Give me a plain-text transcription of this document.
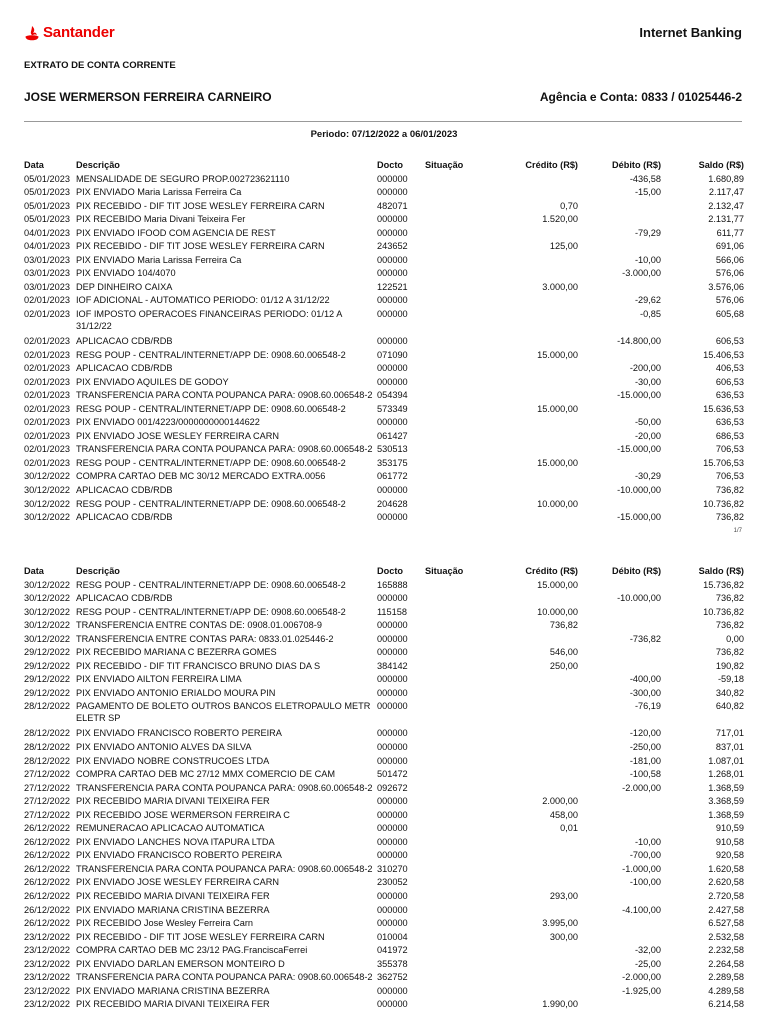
Santander	Internet Banking
EXTRATO DE CONTA CORRENTE
JOSE WERMERSON FERREIRA CARNEIRO	Agência e Conta: 0833 / 01025446-2
Periodo: 07/12/2022 a 06/01/2023
Data	Descrição	Docto	Situação	Crédito (R$)	Débito (R$)	Saldo (R$)
05/01/2023	MENSALIDADE DE SEGURO PROP.002723621110	000000			-436,58	1.680,89
05/01/2023	PIX ENVIADO Maria Larissa Ferreira Ca	000000			-15,00	2.117,47
05/01/2023	PIX RECEBIDO - DIF TIT JOSE WESLEY FERREIRA CARN	482071		0,70		2.132,47
05/01/2023	PIX RECEBIDO Maria Divani Teixeira Fer	000000		1.520,00		2.131,77
04/01/2023	PIX ENVIADO IFOOD COM AGENCIA DE REST	000000			-79,29	611,77
04/01/2023	PIX RECEBIDO - DIF TIT JOSE WESLEY FERREIRA CARN	243652		125,00		691,06
03/01/2023	PIX ENVIADO Maria Larissa Ferreira Ca	000000			-10,00	566,06
03/01/2023	PIX ENVIADO 104/4070	000000			-3.000,00	576,06
03/01/2023	DEP DINHEIRO CAIXA	122521		3.000,00		3.576,06
02/01/2023	IOF ADICIONAL - AUTOMATICO PERIODO: 01/12 A 31/12/22	000000			-29,62	576,06
02/01/2023	IOF IMPOSTO OPERACOES FINANCEIRAS PERIODO: 01/12 A 31/12/22	000000			-0,85	605,68
02/01/2023	APLICACAO CDB/RDB	000000			-14.800,00	606,53
02/01/2023	RESG POUP - CENTRAL/INTERNET/APP DE: 0908.60.006548-2	071090		15.000,00		15.406,53
02/01/2023	APLICACAO CDB/RDB	000000			-200,00	406,53
02/01/2023	PIX ENVIADO AQUILES DE GODOY	000000			-30,00	606,53
02/01/2023	TRANSFERENCIA PARA CONTA POUPANCA PARA: 0908.60.006548-2	054394			-15.000,00	636,53
02/01/2023	RESG POUP - CENTRAL/INTERNET/APP DE: 0908.60.006548-2	573349		15.000,00		15.636,53
02/01/2023	PIX ENVIADO 001/4223/0000000000144622	000000			-50,00	636,53
02/01/2023	PIX ENVIADO JOSE WESLEY FERREIRA CARN	061427			-20,00	686,53
02/01/2023	TRANSFERENCIA PARA CONTA POUPANCA PARA: 0908.60.006548-2	530513			-15.000,00	706,53
02/01/2023	RESG POUP - CENTRAL/INTERNET/APP DE: 0908.60.006548-2	353175		15.000,00		15.706,53
30/12/2022	COMPRA CARTAO DEB MC 30/12 MERCADO EXTRA.0056	061772			-30,29	706,53
30/12/2022	APLICACAO CDB/RDB	000000			-10.000,00	736,82
30/12/2022	RESG POUP - CENTRAL/INTERNET/APP DE: 0908.60.006548-2	204628		10.000,00		10.736,82
30/12/2022	APLICACAO CDB/RDB	000000			-15.000,00	736,82
1/7
Data	Descrição	Docto	Situação	Crédito (R$)	Débito (R$)	Saldo (R$)
30/12/2022	RESG POUP - CENTRAL/INTERNET/APP DE: 0908.60.006548-2	165888		15.000,00		15.736,82
30/12/2022	APLICACAO CDB/RDB	000000			-10.000,00	736,82
30/12/2022	RESG POUP - CENTRAL/INTERNET/APP DE: 0908.60.006548-2	115158		10.000,00		10.736,82
30/12/2022	TRANSFERENCIA ENTRE CONTAS DE: 0908.01.006708-9	000000		736,82		736,82
30/12/2022	TRANSFERENCIA ENTRE CONTAS PARA: 0833.01.025446-2	000000			-736,82	0,00
29/12/2022	PIX RECEBIDO MARIANA C BEZERRA GOMES	000000		546,00		736,82
29/12/2022	PIX RECEBIDO - DIF TIT FRANCISCO BRUNO DIAS DA S	384142		250,00		190,82
29/12/2022	PIX ENVIADO AILTON FERREIRA LIMA	000000			-400,00	-59,18
29/12/2022	PIX ENVIADO ANTONIO ERIALDO MOURA PIN	000000			-300,00	340,82
28/12/2022	PAGAMENTO DE BOLETO OUTROS BANCOS ELETROPAULO METR ELETR SP	000000			-76,19	640,82
28/12/2022	PIX ENVIADO FRANCISCO ROBERTO PEREIRA	000000			-120,00	717,01
28/12/2022	PIX ENVIADO ANTONIO ALVES DA SILVA	000000			-250,00	837,01
28/12/2022	PIX ENVIADO NOBRE CONSTRUCOES LTDA	000000			-181,00	1.087,01
27/12/2022	COMPRA CARTAO DEB MC 27/12 MMX COMERCIO DE CAM	501472			-100,58	1.268,01
27/12/2022	TRANSFERENCIA PARA CONTA POUPANCA PARA: 0908.60.006548-2	092672			-2.000,00	1.368,59
27/12/2022	PIX RECEBIDO MARIA DIVANI TEIXEIRA FER	000000		2.000,00		3.368,59
27/12/2022	PIX RECEBIDO JOSE WERMERSON FERREIRA C	000000		458,00		1.368,59
26/12/2022	REMUNERACAO APLICACAO AUTOMATICA	000000		0,01		910,59
26/12/2022	PIX ENVIADO LANCHES NOVA ITAPURA LTDA	000000			-10,00	910,58
26/12/2022	PIX ENVIADO FRANCISCO ROBERTO PEREIRA	000000			-700,00	920,58
26/12/2022	TRANSFERENCIA PARA CONTA POUPANCA PARA: 0908.60.006548-2	310270			-1.000,00	1.620,58
26/12/2022	PIX ENVIADO JOSE WESLEY FERREIRA CARN	230052			-100,00	2.620,58
26/12/2022	PIX RECEBIDO MARIA DIVANI TEIXEIRA FER	000000		293,00		2.720,58
26/12/2022	PIX ENVIADO MARIANA CRISTINA BEZERRA	000000			-4.100,00	2.427,58
26/12/2022	PIX RECEBIDO Jose Wesley Ferreira Carn	000000		3.995,00		6.527,58
23/12/2022	PIX RECEBIDO - DIF TIT JOSE WESLEY FERREIRA CARN	010004		300,00		2.532,58
23/12/2022	COMPRA CARTAO DEB MC 23/12 PAG.FranciscaFerrei	041972			-32,00	2.232,58
23/12/2022	PIX ENVIADO DARLAN EMERSON MONTEIRO D	355378			-25,00	2.264,58
23/12/2022	TRANSFERENCIA PARA CONTA POUPANCA PARA: 0908.60.006548-2	362752			-2.000,00	2.289,58
23/12/2022	PIX ENVIADO MARIANA CRISTINA BEZERRA	000000			-1.925,00	4.289,58
23/12/2022	PIX RECEBIDO MARIA DIVANI TEIXEIRA FER	000000		1.990,00		6.214,58
